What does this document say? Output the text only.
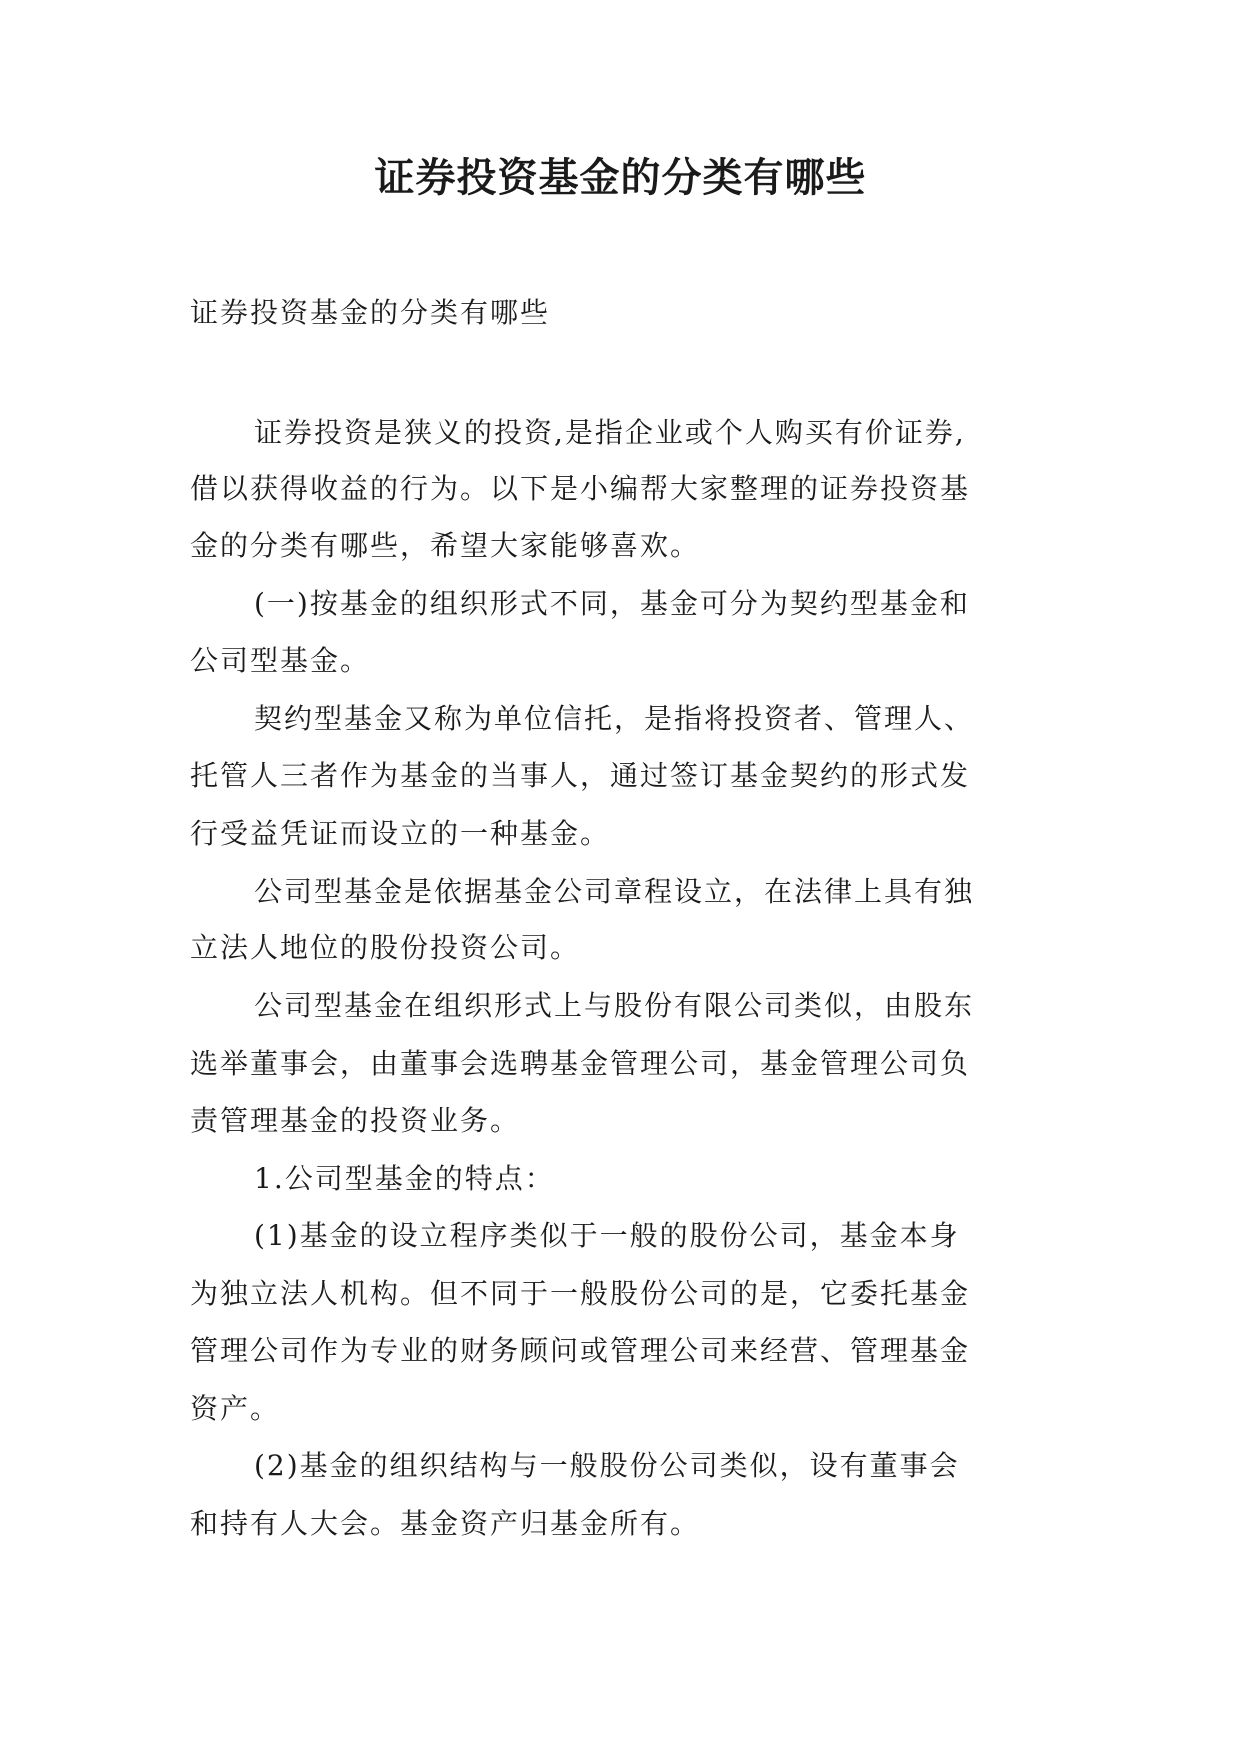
证券投资基金的分类有哪些

证券投资基金的分类有哪些

证券投资是狭义的投资,是指企业或个人购买有价证券,

借以获得收益的行为。以下是小编帮大家整理的证券投资基

金的分类有哪些，希望大家能够喜欢。

(一)按基金的组织形式不同，基金可分为契约型基金和

公司型基金。

契约型基金又称为单位信托，是指将投资者、管理人、

托管人三者作为基金的当事人，通过签订基金契约的形式发

行受益凭证而设立的一种基金。

公司型基金是依据基金公司章程设立，在法律上具有独

立法人地位的股份投资公司。

公司型基金在组织形式上与股份有限公司类似，由股东

选举董事会，由董事会选聘基金管理公司，基金管理公司负

责管理基金的投资业务。

1.公司型基金的特点：

(1)基金的设立程序类似于一般的股份公司，基金本身

为独立法人机构。但不同于一般股份公司的是，它委托基金

管理公司作为专业的财务顾问或管理公司来经营、管理基金

资产。

(2)基金的组织结构与一般股份公司类似，设有董事会

和持有人大会。基金资产归基金所有。
